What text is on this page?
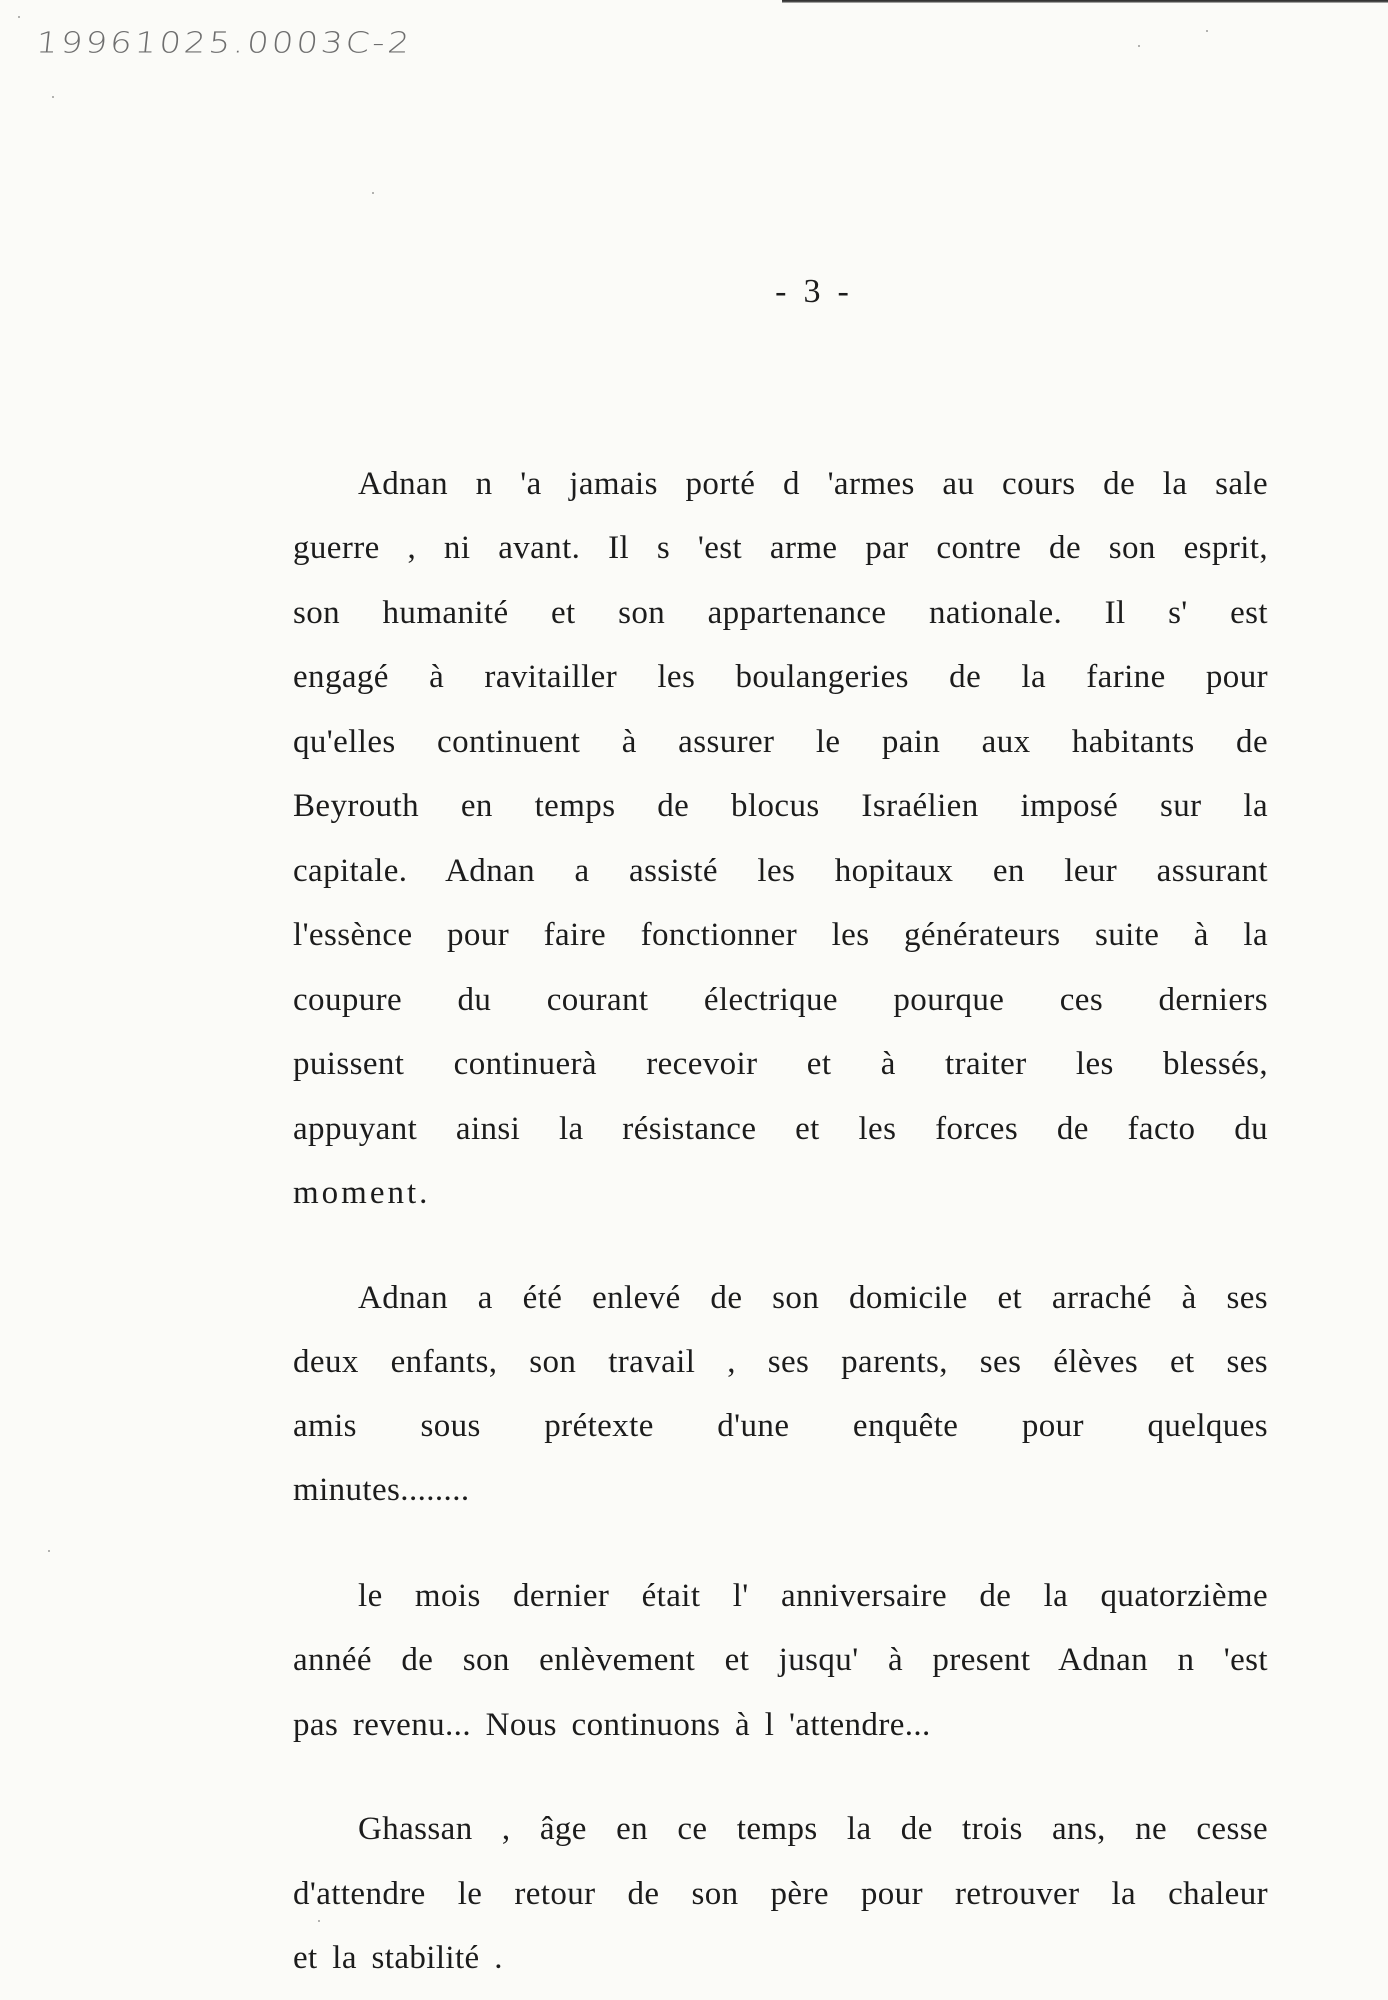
19961025.0003C-2
-  3  -
Adnan n 'a jamais porté d 'armes au cours de la sale
guerre , ni avant. Il s 'est arme par contre de son esprit,
son humanité et son appartenance nationale. Il s' est
engagé à ravitailler les boulangeries de la farine pour
qu'elles continuent à assurer le pain aux habitants de
Beyrouth en temps de blocus Israélien imposé sur la
capitale. Adnan a assisté les hopitaux en leur assurant
l'essènce pour faire fonctionner les générateurs suite à la
coupure du courant électrique pourque ces derniers
puissent continuerà recevoir et à traiter les blessés,
appuyant ainsi la résistance et les forces de facto du
moment.
Adnan a été enlevé de son domicile et arraché à ses
deux enfants, son travail , ses parents, ses élèves et ses
amis sous prétexte d'une enquête pour quelques
minutes........
le mois dernier était l' anniversaire de la quatorzième
annéé de son enlèvement et jusqu' à present Adnan n 'est
pas revenu... Nous continuons à l 'attendre...
Ghassan , âge en ce temps la de trois ans, ne cesse
d'attendre le retour de son père pour retrouver la chaleur
et la stabilité .
